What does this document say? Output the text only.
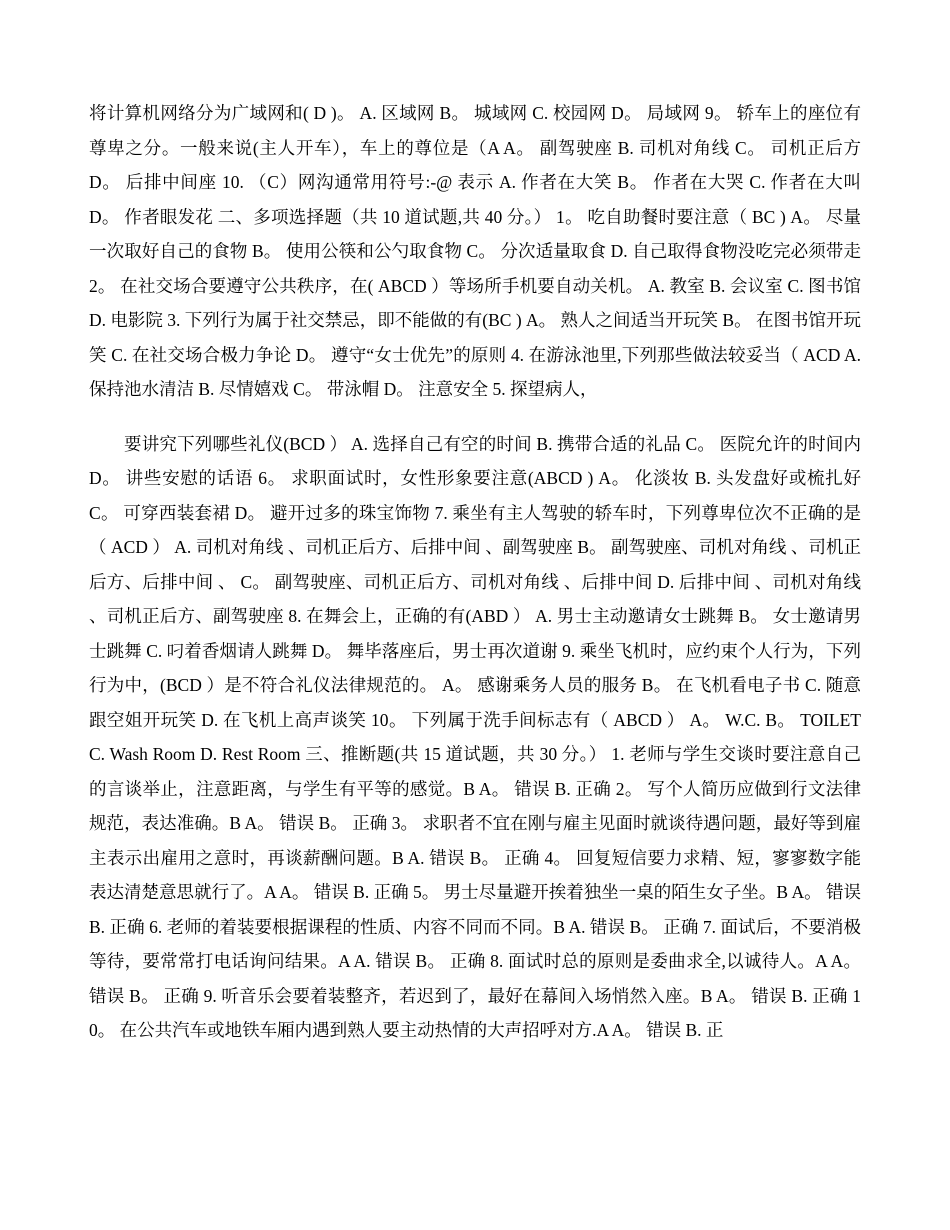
将计算机网络分为广域网和( D )。 A. 区域网 B。 城域网 C. 校园网 D。 局域网 9。 轿车上的座位有尊卑之分。一般来说(主人开车），车上的尊位是（A A。 副驾驶座 B. 司机对角线 C。 司机正后方 D。 后排中间座 10. （C）网沟通常用符号:-@ 表示 A. 作者在大笑 B。 作者在大哭 C. 作者在大叫 D。 作者眼发花 二、多项选择题（共 10 道试题,共 40 分。） 1。 吃自助餐时要注意（ BC ) A。 尽量一次取好自己的食物 B。 使用公筷和公勺取食物 C。 分次适量取食 D. 自己取得食物没吃完必须带走 2。 在社交场合要遵守公共秩序，在( ABCD ）等场所手机要自动关机。 A. 教室 B. 会议室 C. 图书馆 D. 电影院 3. 下列行为属于社交禁忌，即不能做的有(BC ) A。 熟人之间适当开玩笑 B。 在图书馆开玩笑 C. 在社交场合极力争论 D。 遵守“女士优先”的原则 4. 在游泳池里,下列那些做法较妥当（ ACD A. 保持池水清洁 B. 尽情嬉戏 C。 带泳帽 D。 注意安全 5. 探望病人，

要讲究下列哪些礼仪(BCD ） A. 选择自己有空的时间 B. 携带合适的礼品 C。 医院允许的时间内 D。 讲些安慰的话语 6。 求职面试时，女性形象要注意(ABCD ) A。 化淡妆 B. 头发盘好或梳扎好 C。 可穿西装套裙 D。 避开过多的珠宝饰物 7. 乘坐有主人驾驶的轿车时，下列尊卑位次不正确的是（ ACD ） A. 司机对角线 、司机正后方、后排中间 、副驾驶座 B。 副驾驶座、司机对角线 、司机正后方、后排中间 、 C。 副驾驶座、司机正后方、司机对角线 、后排中间 D. 后排中间 、司机对角线 、司机正后方、副驾驶座 8. 在舞会上，正确的有(ABD ） A. 男士主动邀请女士跳舞 B。 女士邀请男士跳舞 C. 叼着香烟请人跳舞 D。 舞毕落座后，男士再次道谢 9. 乘坐飞机时，应约束个人行为，下列行为中，(BCD ）是不符合礼仪法律规范的。 A。 感谢乘务人员的服务 B。 在飞机看电子书 C. 随意跟空姐开玩笑 D. 在飞机上高声谈笑 10。 下列属于洗手间标志有（ ABCD ） A。 W.C. B。 TOILET C. Wash Room D. Rest Room 三、推断题(共 15 道试题，共 30 分。） 1. 老师与学生交谈时要注意自己的言谈举止，注意距离，与学生有平等的感觉。B A。 错误 B. 正确 2。 写个人简历应做到行文法律规范，表达准确。B A。 错误 B。 正确 3。 求职者不宜在刚与雇主见面时就谈待遇问题，最好等到雇主表示出雇用之意时，再谈薪酬问题。B A. 错误 B。 正确 4。 回复短信要力求精、短，寥寥数字能表达清楚意思就行了。A A。 错误 B. 正确 5。 男士尽量避开挨着独坐一桌的陌生女子坐。B A。 错误 B. 正确 6. 老师的着装要根据课程的性质、内容不同而不同。B A. 错误 B。 正确 7. 面试后，不要消极等待，要常常打电话询问结果。A A. 错误 B。 正确 8. 面试时总的原则是委曲求全,以诚待人。A A。 错误 B。 正确 9. 听音乐会要着装整齐，若迟到了，最好在幕间入场悄然入座。B A。 错误 B. 正确 10。 在公共汽车或地铁车厢内遇到熟人要主动热情的大声招呼对方.A A。 错误 B. 正
